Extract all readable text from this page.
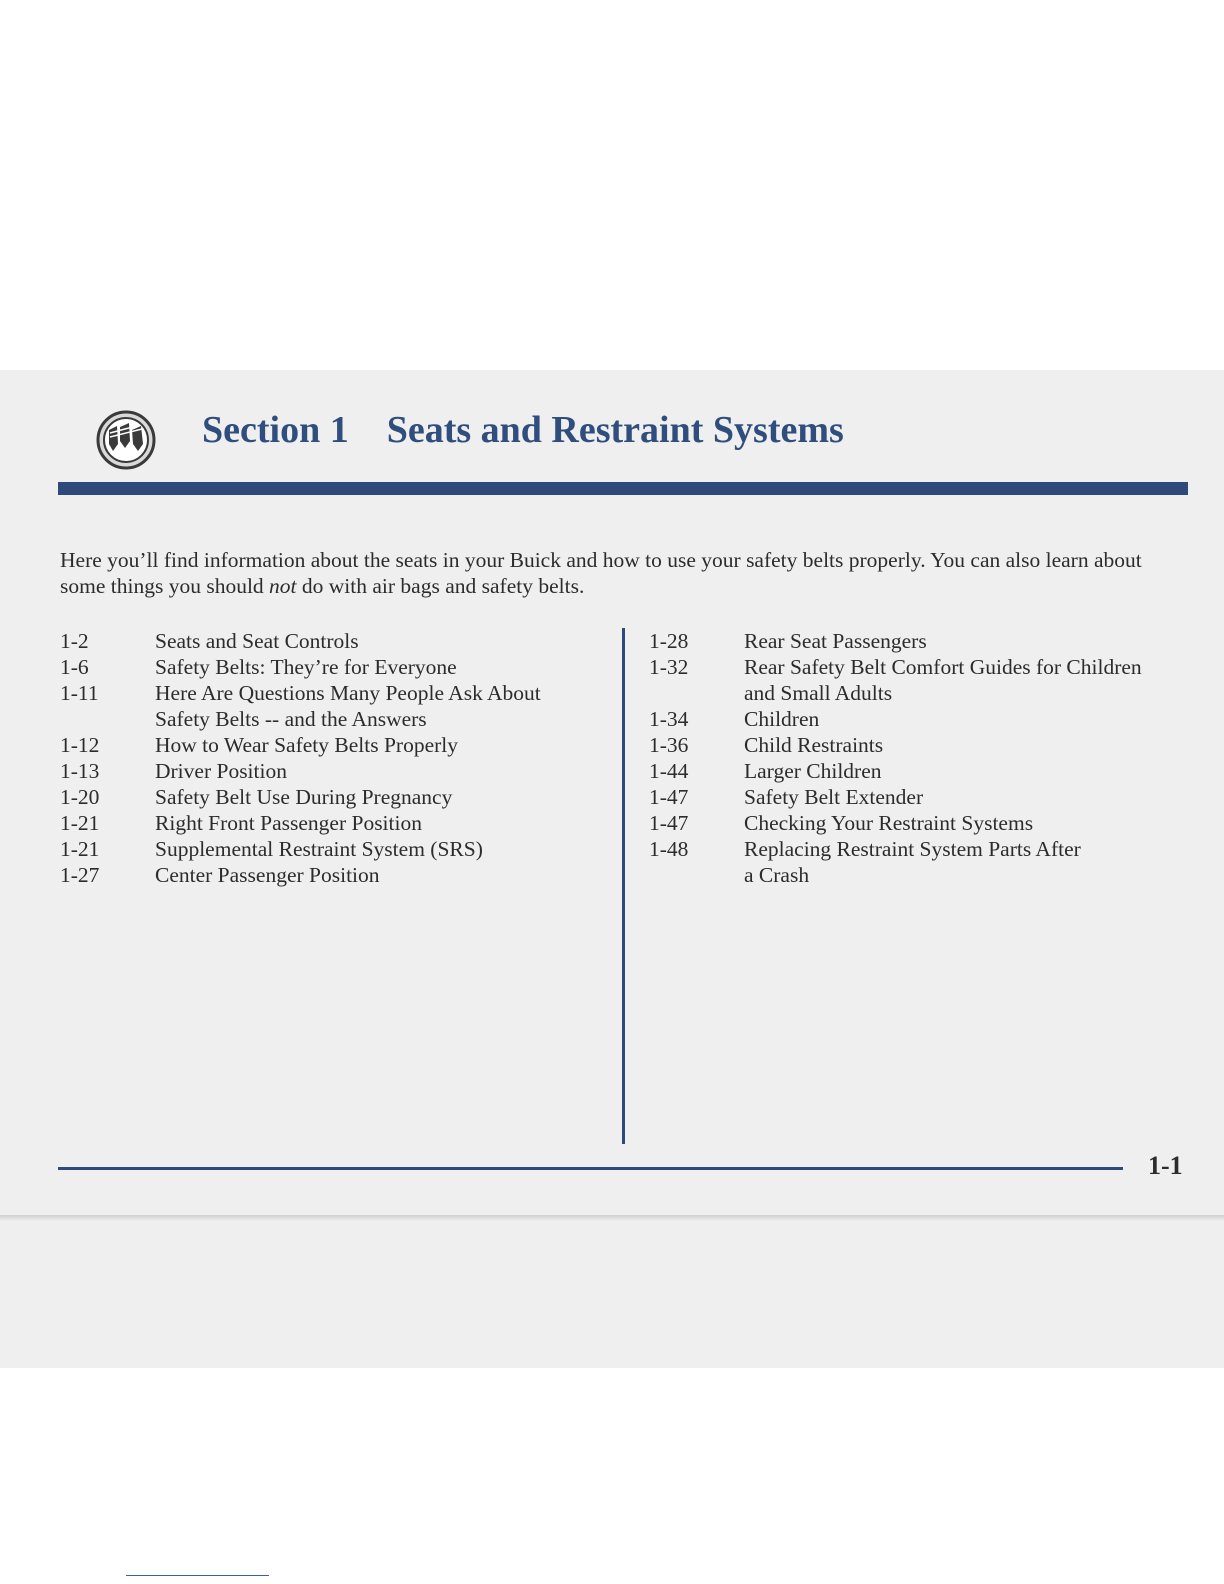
Section 1 Seats and Restraint Systems

Here you’ll find information about the seats in your Buick and how to use your safety belts properly. You can also learn about some things you should not do with air bags and safety belts.

1-2	Seats and Seat Controls
1-6	Safety Belts: They’re for Everyone
1-11	Here Are Questions Many People Ask About
Safety Belts -- and the Answers
1-12	How to Wear Safety Belts Properly
1-13	Driver Position
1-20	Safety Belt Use During Pregnancy
1-21	Right Front Passenger Position
1-21	Supplemental Restraint System (SRS)
1-27	Center Passenger Position
1-28	Rear Seat Passengers
1-32	Rear Safety Belt Comfort Guides for Children
and Small Adults
1-34	Children
1-36	Child Restraints
1-44	Larger Children
1-47	Safety Belt Extender
1-47	Checking Your Restraint Systems
1-48	Replacing Restraint System Parts After
a Crash
1-1
